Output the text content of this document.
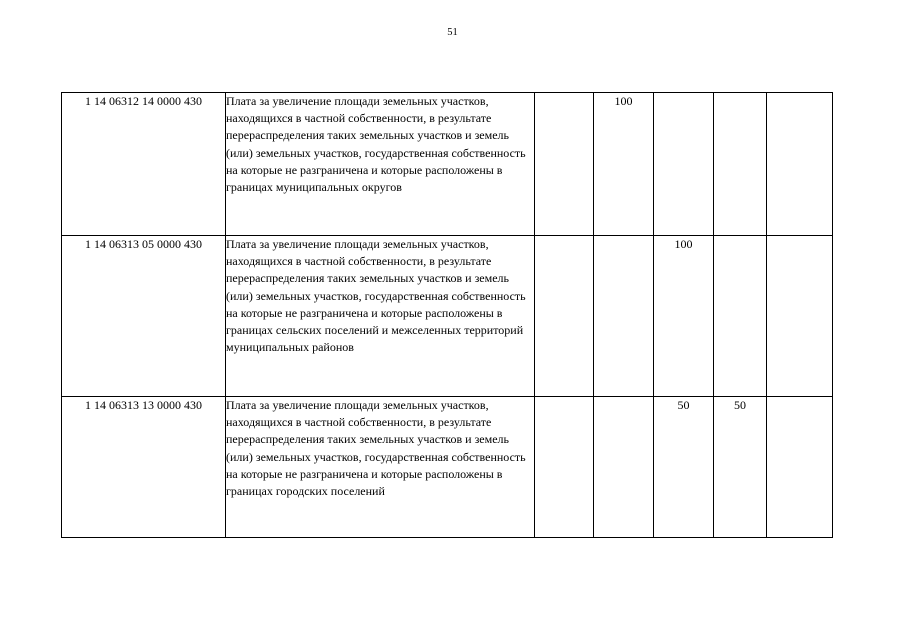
51
1 14 06312 14 0000 430	Плата за увеличение площади земельных участков, находящихся в частной собственности, в результате перераспределения таких земельных участков и земель (или) земельных участков, государственная собственность на которые не разграничена и которые расположены в границах муниципальных округов		100			
1 14 06313 05 0000 430	Плата за увеличение площади земельных участков, находящихся в частной собственности, в результате перераспределения таких земельных участков и земель (или) земельных участков, государственная собственность на которые не разграничена и которые расположены в границах сельских поселений и межселенных территорий муниципальных районов			100		
1 14 06313 13 0000 430	Плата за увеличение площади земельных участков, находящихся в частной собственности, в результате перераспределения таких земельных участков и земель (или) земельных участков, государственная собственность на которые не разграничена и которые расположены в границах городских поселений			50	50	
